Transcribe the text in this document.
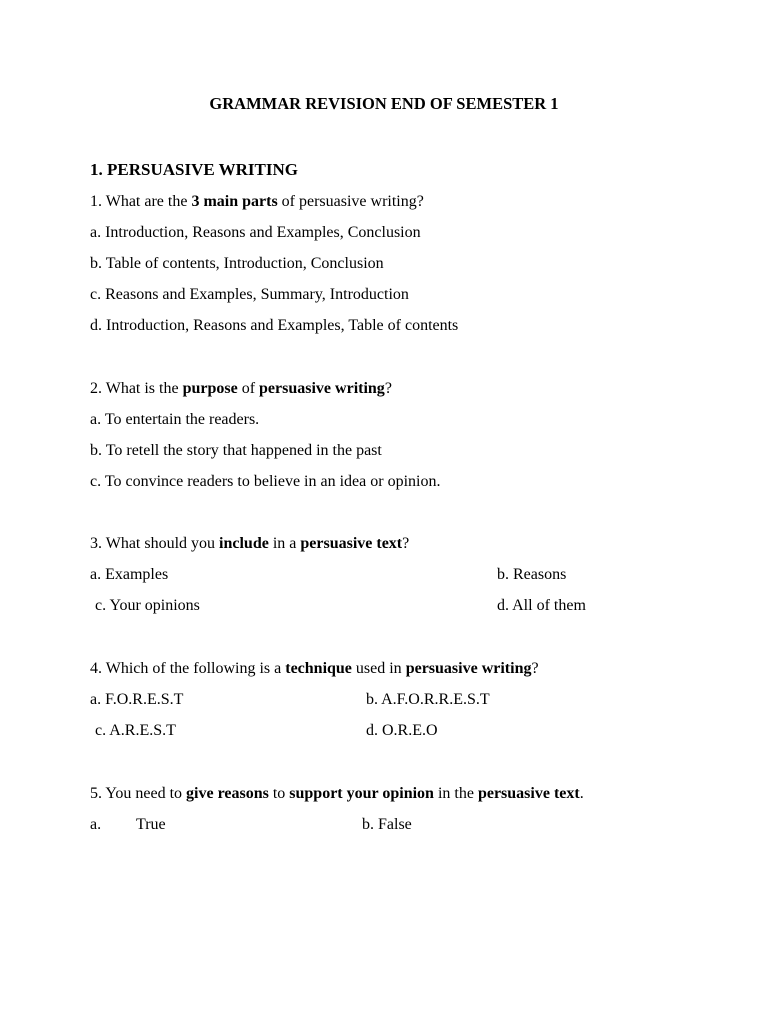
GRAMMAR REVISION END OF SEMESTER 1
1. PERSUASIVE WRITING
1. What are the 3 main parts of persuasive writing?
a. Introduction, Reasons and Examples, Conclusion
b. Table of contents, Introduction, Conclusion
c. Reasons and Examples, Summary, Introduction
d. Introduction, Reasons and Examples, Table of contents
2. What is the purpose of persuasive writing?
a. To entertain the readers.
b. To retell the story that happened in the past
c. To convince readers to believe in an idea or opinion.
3. What should you include in a persuasive text?
a. Examples	b. Reasons
c. Your opinions	d. All of them
4. Which of the following is a technique used in persuasive writing?
a. F.O.R.E.S.T	b. A.F.O.R.R.E.S.T
c. A.R.E.S.T	d. O.R.E.O
5. You need to give reasons to support your opinion in the persuasive text.
a. True	b. False
